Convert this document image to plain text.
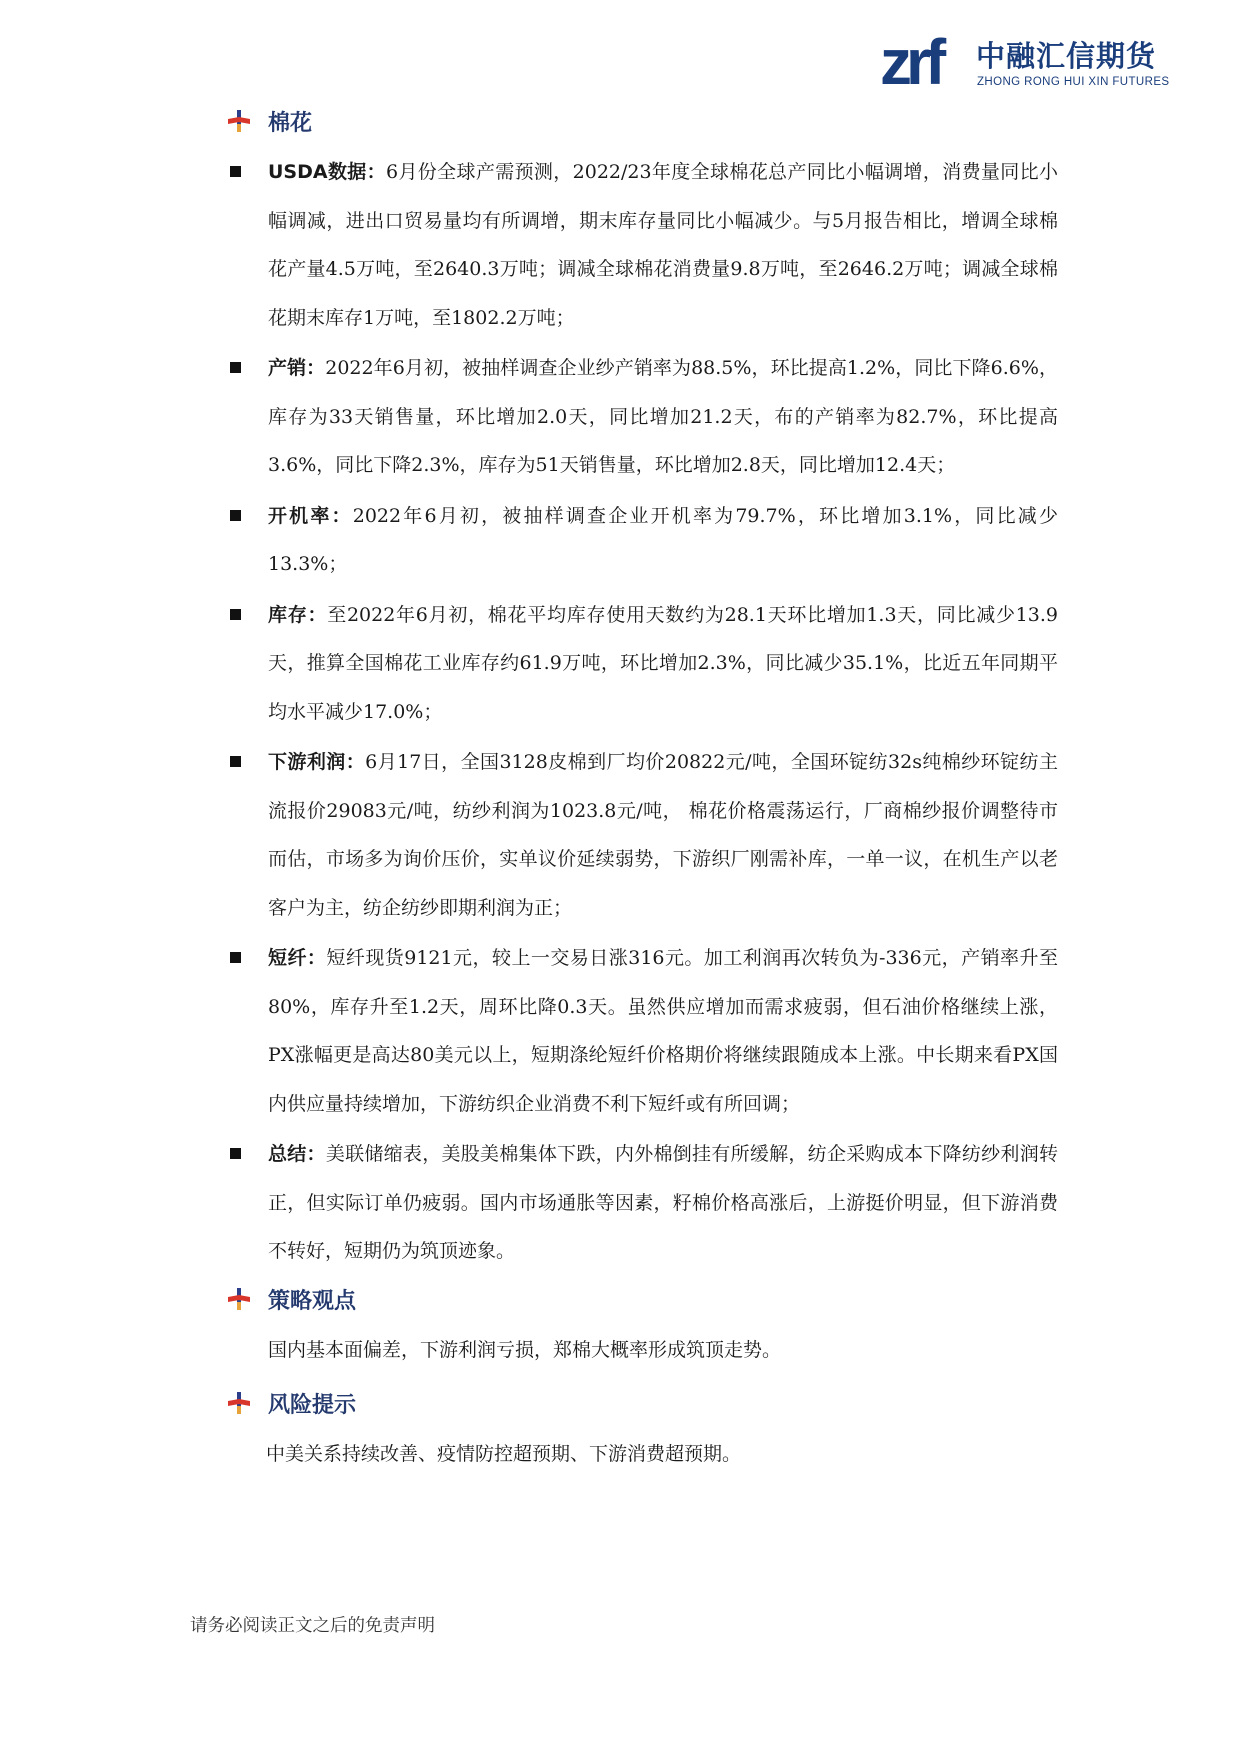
zrf 中融汇信期货
ZHONG RONG HUI XIN FUTURES
棉花
USDA数据：6月份全球产需预测，2022/23年度全球棉花总产同比小幅调增，消费量同比小幅调减，进出口贸易量均有所调增，期末库存量同比小幅减少。与5月报告相比，增调全球棉花产量4.5万吨，至2640.3万吨；调减全球棉花消费量9.8万吨，至2646.2万吨；调减全球棉花期末库存1万吨，至1802.2万吨；
产销：2022年6月初，被抽样调查企业纱产销率为88.5%，环比提高1.2%，同比下降6.6%，库存为33天销售量，环比增加2.0天，同比增加21.2天，布的产销率为82.7%，环比提高3.6%，同比下降2.3%，库存为51天销售量，环比增加2.8天，同比增加12.4天；
开机率：2022年6月初，被抽样调查企业开机率为79.7%，环比增加3.1%，同比减少13.3%；
库存：至2022年6月初，棉花平均库存使用天数约为28.1天环比增加1.3天，同比减少13.9天，推算全国棉花工业库存约61.9万吨，环比增加2.3%，同比减少35.1%，比近五年同期平均水平减少17.0%；
下游利润：6月17日，全国3128皮棉到厂均价20822元/吨，全国环锭纺32s纯棉纱环锭纺主流报价29083元/吨，纺纱利润为1023.8元/吨， 棉花价格震荡运行，厂商棉纱报价调整待市而估，市场多为询价压价，实单议价延续弱势，下游织厂刚需补库，一单一议，在机生产以老客户为主，纺企纺纱即期利润为正；
短纤：短纤现货9121元，较上一交易日涨316元。加工利润再次转负为-336元，产销率升至80%，库存升至1.2天，周环比降0.3天。虽然供应增加而需求疲弱，但石油价格继续上涨，PX涨幅更是高达80美元以上，短期涤纶短纤价格期价将继续跟随成本上涨。中长期来看PX国内供应量持续增加，下游纺织企业消费不利下短纤或有所回调；
总结：美联储缩表，美股美棉集体下跌，内外棉倒挂有所缓解，纺企采购成本下降纺纱利润转正，但实际订单仍疲弱。国内市场通胀等因素，籽棉价格高涨后，上游挺价明显，但下游消费不转好，短期仍为筑顶迹象。
策略观点
国内基本面偏差，下游利润亏损，郑棉大概率形成筑顶走势。
风险提示
中美关系持续改善、疫情防控超预期、下游消费超预期。
请务必阅读正文之后的免责声明
